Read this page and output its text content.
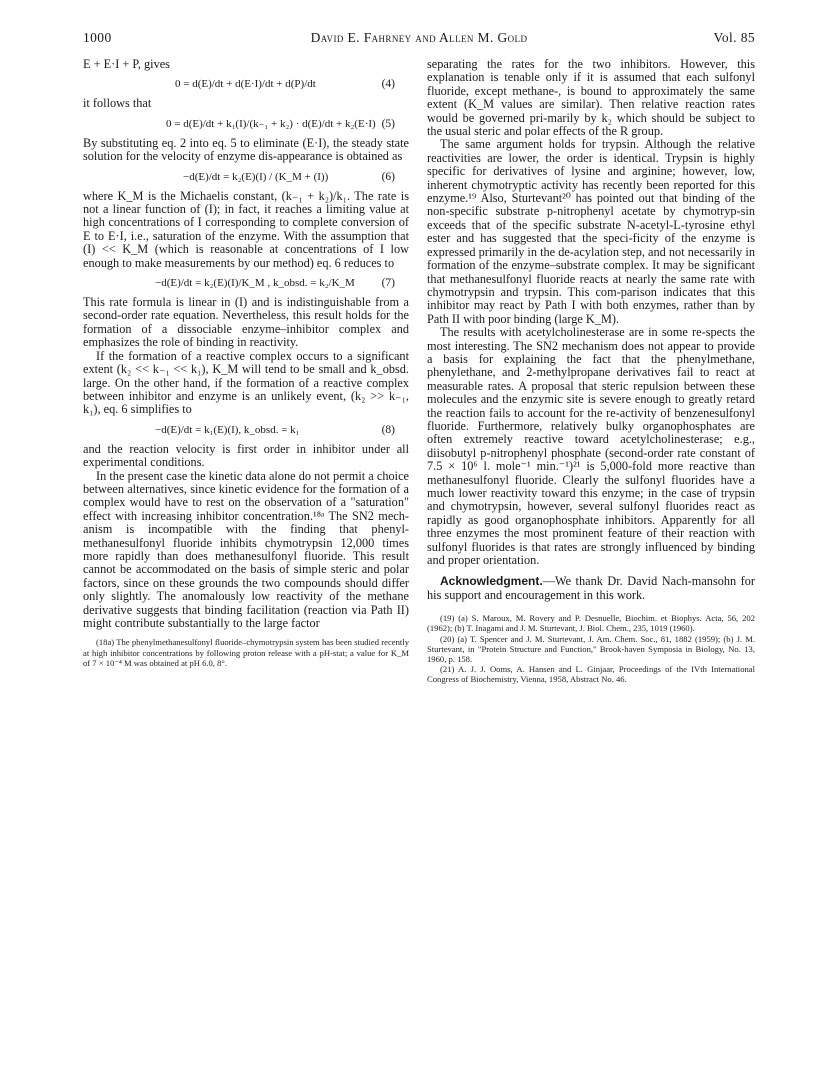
1000	David E. Fahrney and Allen M. Gold	Vol. 85

E + E·I + P, gives

0 = d(E)/dt + d(E·I)/dt + d(P)/dt	(4)

it follows that

0 = d(E)/dt + k₁(I)/(k₋₁ + k₂) · d(E)/dt + k₂(E·I) (5)

By substituting eq. 2 into eq. 5 to eliminate (E·I), the steady state solution for the velocity of enzyme dis-appearance is obtained as

−d(E)/dt = k₂(E)(I) / (K_M + (I))	(6)

where K_M is the Michaelis constant, (k₋₁ + k₂)/k₁. The rate is not a linear function of (I); in fact, it reaches a limiting value at high concentrations of I corresponding to complete conversion of E to E·I, i.e., saturation of the enzyme. With the assumption that (I) << K_M (which is reasonable at concentrations of I low enough to make measurements by our method) eq. 6 reduces to

−d(E)/dt = k₂(E)(I)/K_M , k_obsd. = k₂/K_M (7)

This rate formula is linear in (I) and is indistinguishable from a second-order rate equation. Nevertheless, this result holds for the formation of a dissociable enzyme–inhibitor complex and emphasizes the role of binding in reactivity.

If the formation of a reactive complex occurs to a significant extent (k₂ << k₋₁ << k₁), K_M will tend to be small and k_obsd. large. On the other hand, if the formation of a reactive complex between inhibitor and enzyme is an unlikely event, (k₂ >> k₋₁, k₁), eq. 6 simplifies to

−d(E)/dt = k₁(E)(I), k_obsd. = k₁	(8)

and the reaction velocity is first order in inhibitor under all experimental conditions.

In the present case the kinetic data alone do not permit a choice between alternatives, since kinetic evidence for the formation of a complex would have to rest on the observation of a "saturation" effect with increasing inhibitor concentration.¹⁸ᵃ The SN2 mech-anism is incompatible with the finding that phenyl-methanesulfonyl fluoride inhibits chymotrypsin 12,000 times more rapidly than does methanesulfonyl fluoride. This result cannot be accommodated on the basis of simple steric and polar factors, since on these grounds the two compounds should differ only slightly. The anomalously low reactivity of the methane derivative suggests that binding facilitation (reaction via Path II) might contribute substantially to the large factor

(18a) The phenylmethanesulfonyl fluoride–chymotrypsin system has been studied recently at high inhibitor concentrations by following proton release with a pH-stat; a value for K_M of 7 × 10⁻⁴ M was obtained at pH 6.0, 8°.

separating the rates for the two inhibitors. However, this explanation is tenable only if it is assumed that each sulfonyl fluoride, except methane-, is bound to approximately the same extent (K_M values are similar). Then relative reaction rates would be governed pri-marily by k₂ which should be subject to the usual steric and polar effects of the R group.

The same argument holds for trypsin. Although the relative reactivities are lower, the order is identical. Trypsin is highly specific for derivatives of lysine and arginine; however, low, inherent chymotryptic activity has recently been reported for this enzyme.¹⁹ Also, Sturtevant²⁰ has pointed out that binding of the non-specific substrate p-nitrophenyl acetate by chymotryp-sin exceeds that of the specific substrate N-acetyl-L-tyrosine ethyl ester and has suggested that the speci-ficity of the enzyme is expressed primarily in the de-acylation step, and not necessarily in formation of the enzyme–substrate complex. It may be significant that methanesulfonyl fluoride reacts at nearly the same rate with chymotrypsin and trypsin. This com-parison indicates that this inhibitor may react by Path I with both enzymes, rather than by Path II with poor binding (large K_M).

The results with acetylcholinesterase are in some re-spects the most interesting. The SN2 mechanism does not appear to provide a basis for explaining the fact that the phenylmethane, phenylethane, and 2-methylpropane derivatives fail to react at measurable rates. A proposal that steric repulsion between these molecules and the enzymic site is severe enough to greatly retard the reaction fails to account for the re-activity of benzenesulfonyl fluoride. Furthermore, relatively bulky organophosphates are often extremely reactive toward acetylcholinesterase; e.g., diisobutyl p-nitrophenyl phosphate (second-order rate constant of 7.5 × 10⁶ l. mole⁻¹ min.⁻¹)²¹ is 5,000-fold more reactive than methanesulfonyl fluoride. Clearly the sulfonyl fluorides have a much lower reactivity toward this enzyme; in the case of trypsin and chymotrypsin, however, several sulfonyl fluorides react as rapidly as good organophosphate inhibitors. Apparently for all three enzymes the most prominent feature of their reaction with sulfonyl fluorides is that rates are strongly influenced by binding and proper orientation.

Acknowledgment.—We thank Dr. David Nach-mansohn for his support and encouragement in this work.

(19) (a) S. Maroux, M. Rovery and P. Desnuelle, Biochim. et Biophys. Acta, 56, 202 (1962); (b) T. Inagami and J. M. Sturtevant, J. Biol. Chem., 235, 1019 (1960).

(20) (a) T. Spencer and J. M. Sturtevant, J. Am. Chem. Soc., 81, 1882 (1959); (b) J. M. Sturtevant, in "Protein Structure and Function," Brook-haven Symposia in Biology, No. 13, 1960, p. 158.

(21) A. J. J. Ooms, A. Hansen and L. Ginjaar, Proceedings of the IVth International Congress of Biochemistry, Vienna, 1958, Abstract No. 46.
